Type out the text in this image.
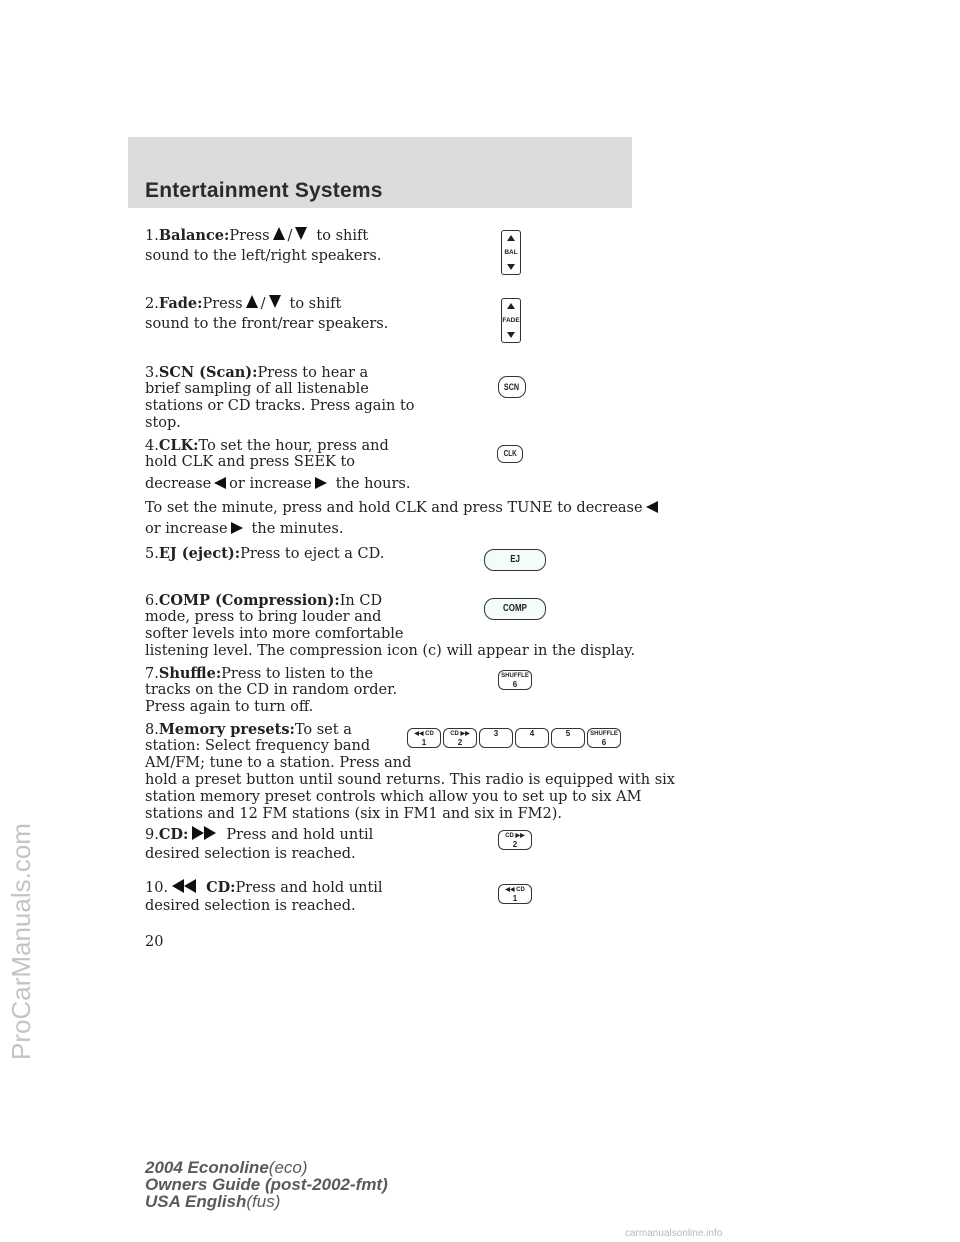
Entertainment Systems
1.Balance:Press / to shift
sound to the left/right speakers.	BAL
2.Fade:Press / to shift
sound to the front/rear speakers.	FADE
3.SCN (Scan):Press to hear a
brief sampling of all listenable
stations or CD tracks. Press again to
stop.
SCN
4.CLK:To set the hour, press and
hold CLK and press SEEK to
decrease or increase the hours.
To set the minute, press and hold CLK and press TUNE to decrease
or increase the minutes.
CLK
5.EJ (eject):Press to eject a CD.	EJ
6.COMP (Compression):In CD
mode, press to bring louder and
softer levels into more comfortable
listening level. The compression icon (c) will appear in the display.
COMP
7.Shuffle:Press to listen to the
tracks on the CD in random order.
Press again to turn off.
SHUFFLE
6
8.Memory presets:To set a
station: Select frequency band
AM/FM; tune to a station. Press and
hold a preset button until sound returns. This radio is equipped with six
station memory preset controls which allow you to set up to six AM
stations and 12 FM stations (six in FM1 and six in FM2).
◀◀ CD
1
CD ▶▶
2
3	4	5	SHUFFLE
6
9.CD:	Press and hold until
desired selection is reached.
CD ▶▶
2
10.	CD:Press and hold until
desired selection is reached.
◀◀ CD
1
20
2004 Econoline(eco)
Owners Guide (post-2002-fmt)
USA English(fus)
ProCarManuals.com
carmanualsonline.info
